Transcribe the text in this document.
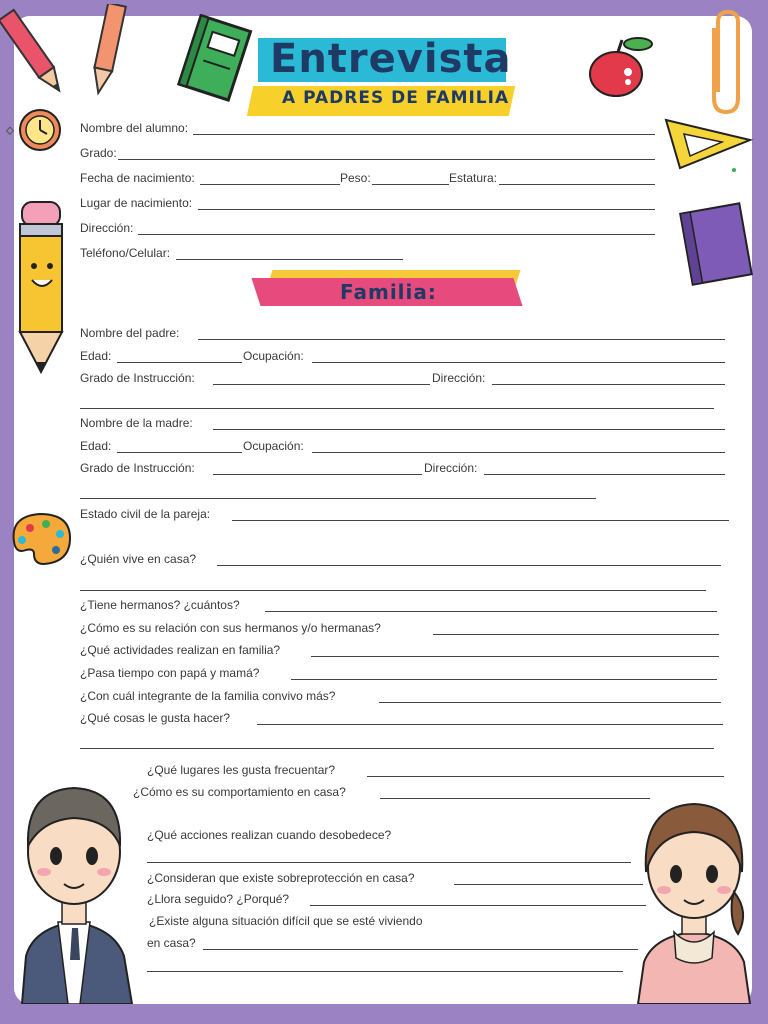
Entrevista
A PADRES DE FAMILIA
Nombre del alumno:
Grado:
Fecha de nacimiento:	Peso:	Estatura:
Lugar de nacimiento:
Dirección:
Teléfono/Celular:
Familia:
Nombre del padre:
Edad:	Ocupación:
Grado de Instrucción:	Dirección:
Nombre de la madre:
Edad:	Ocupación:
Grado de Instrucción:	Dirección:
Estado civil de la pareja:
¿Quién vive en casa?
¿Tiene hermanos? ¿cuántos?
¿Cómo es su relación con sus hermanos y/o hermanas?
¿Qué actividades realizan en familia?
¿Pasa tiempo con papá y mamá?
¿Con cuál integrante de la familia convivo más?
¿Qué cosas le gusta hacer?
¿Qué lugares les gusta frecuentar?
¿Cómo es su comportamiento en casa?
¿Qué acciones realizan cuando desobedece?
¿Consideran que existe sobreprotección en casa?
¿Llora seguido? ¿Porqué?
¿Existe alguna situación difícil que se esté viviendo
en casa?
